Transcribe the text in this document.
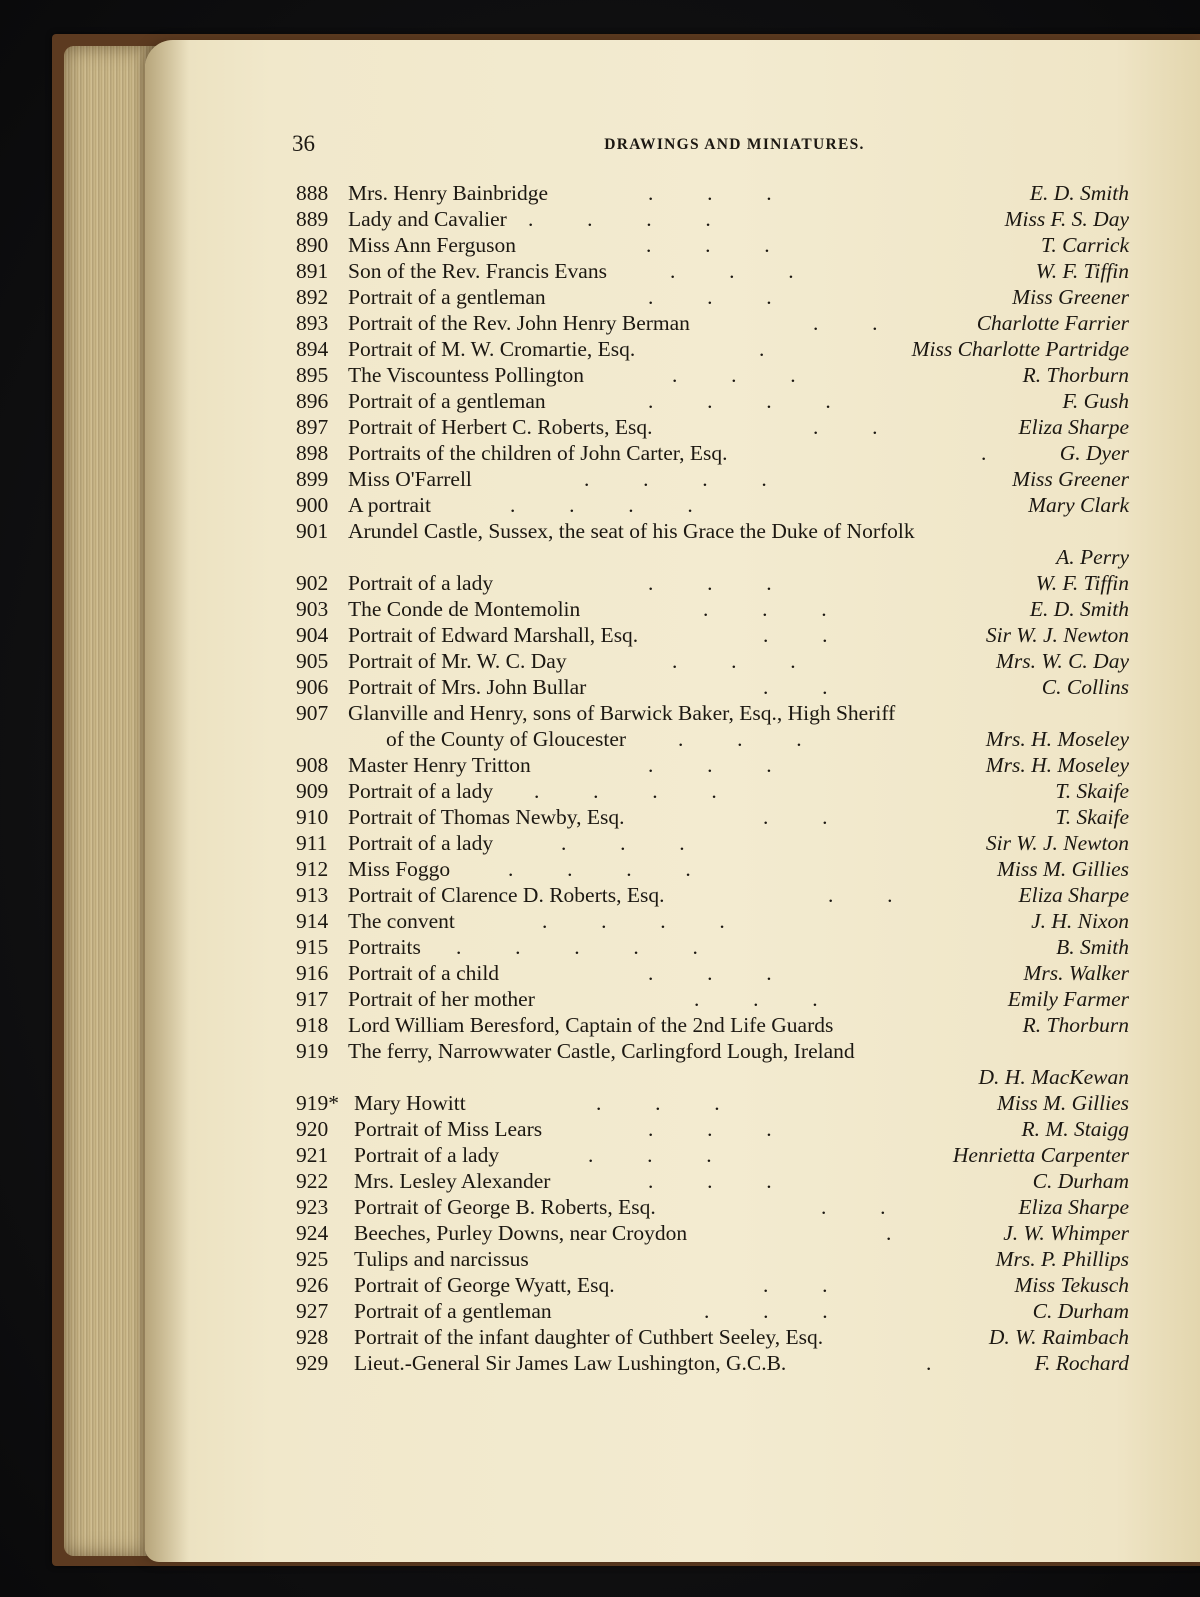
36	DRAWINGS AND MINIATURES.
888 Mrs. Henry Bainbridge	.          .          .	E. D. Smith
889 Lady and Cavalier .          .          .          .	Miss F. S. Day
890 Miss Ann Ferguson	.          .          .	T. Carrick
891 Son of the Rev. Francis Evans	.          .          .	W. F. Tiffin
892 Portrait of a gentleman	.          .          .	Miss Greener
893 Portrait of the Rev. John Henry Berman	.          .	Charlotte Farrier
894 Portrait of M. W. Cromartie, Esq.	.	Miss Charlotte Partridge
895 The Viscountess Pollington	.          .          .	R. Thorburn
896 Portrait of a gentleman	.          .          .          .	F. Gush
897 Portrait of Herbert C. Roberts, Esq.	.          .	Eliza Sharpe
898 Portraits of the children of John Carter, Esq.	.	G. Dyer
899 Miss O'Farrell	.          .          .          .	Miss Greener
900 A portrait	.          .          .          .	Mary Clark
901 Arundel Castle, Sussex, the seat of his Grace the Duke of Norfolk
A. Perry
902 Portrait of a lady	.          .          .	W. F. Tiffin
903 The Conde de Montemolin	.          .          .	E. D. Smith
904 Portrait of Edward Marshall, Esq.	.          .	Sir W. J. Newton
905 Portrait of Mr. W. C. Day	.          .          .	Mrs. W. C. Day
906 Portrait of Mrs. John Bullar	.          .	C. Collins
907 Glanville and Henry, sons of Barwick Baker, Esq., High Sheriff
of the County of Gloucester .          .          .	Mrs. H. Moseley
908 Master Henry Tritton	.          .          .	Mrs. H. Moseley
909 Portrait of a lady .          .          .          .	T. Skaife
910 Portrait of Thomas Newby, Esq.	.          .	T. Skaife
911 Portrait of a lady	.          .          .	Sir W. J. Newton
912 Miss Foggo	.          .          .          .	Miss M. Gillies
913 Portrait of Clarence D. Roberts, Esq.	.          .	Eliza Sharpe
914 The convent	.          .          .          .	J. H. Nixon
915 Portraits .          .          .          .          .	B. Smith
916 Portrait of a child	.          .          .	Mrs. Walker
917 Portrait of her mother	.          .          .	Emily Farmer
918 Lord William Beresford, Captain of the 2nd Life Guards	R. Thorburn
919 The ferry, Narrowwater Castle, Carlingford Lough, Ireland
D. H. MacKewan
919* Mary Howitt	.          .          .	Miss M. Gillies
920	Portrait of Miss Lears	.          .          .	R. M. Staigg
921	Portrait of a lady	.          .          .	Henrietta Carpenter
922	Mrs. Lesley Alexander	.          .          .	C. Durham
923	Portrait of George B. Roberts, Esq.	.          .	Eliza Sharpe
924	Beeches, Purley Downs, near Croydon	.	J. W. Whimper
925	Tulips and narcissus	Mrs. P. Phillips
926	Portrait of George Wyatt, Esq.	.          .	Miss Tekusch
927	Portrait of a gentleman	.          .          .	C. Durham
928	Portrait of the infant daughter of Cuthbert Seeley, Esq.	D. W. Raimbach
929	Lieut.-General Sir James Law Lushington, G.C.B.	.	F. Rochard
